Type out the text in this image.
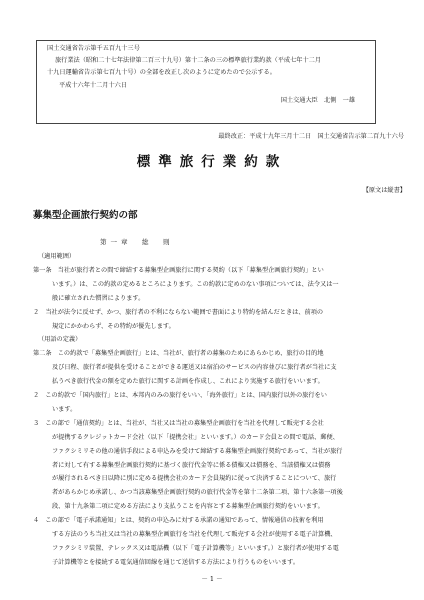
国土交通省告示第千五百九十三号
旅行業法（昭和二十七年法律第二百三十九号）第十二条の三の標準旅行業約款（平成七年十二月
十九日運輸省告示第七百九十号）の全部を改正し次のように定めたので公示する。
平成十六年十二月十六日
国土交通大臣　北側　一雄
最終改正：平成十九年三月十二日　国土交通省告示第二百九十六号
標準旅行業約款
【原文は縦書】
募集型企画旅行契約の部
第一章　総　則
（適用範囲）
第一条　当社が旅行者との間で締結する募集型企画旅行に関する契約（以下「募集型企画旅行契約」とい
います。）は、この約款の定めるところによります。この約款に定めのない事項については、法令又は一
般に確立された慣習によります。
２　当社が法令に反せず、かつ、旅行者の不利にならない範囲で書面により特約を結んだときは、前項の
規定にかかわらず、その特約が優先します。
（用語の定義）
第二条　この約款で「募集型企画旅行」とは、当社が、旅行者の募集のためにあらかじめ、旅行の目的地
及び日程、旅行者が提供を受けることができる運送又は宿泊のサービスの内容並びに旅行者が当社に支
払うべき旅行代金の額を定めた旅行に関する計画を作成し、これにより実施する旅行をいいます。
２　この約款で「国内旅行」とは、本邦内のみの旅行をいい、「海外旅行」とは、国内旅行以外の旅行をい
います。
３　この部で「通信契約」とは、当社が、当社又は当社の募集型企画旅行を当社を代理して販売する会社
が提携するクレジットカード会社（以下「提携会社」といいます。）のカード会員との間で電話、郵便、
ファクシミリその他の通信手段による申込みを受けて締結する募集型企画旅行契約であって、当社が旅行
者に対して有する募集型企画旅行契約に基づく旅行代金等に係る債権又は債務を、当該債権又は債務
が履行されるべき日以降に別に定める提携会社のカード会員規約に従って決済することについて、旅行
者があらかじめ承諾し、かつ当該募集型企画旅行契約の旅行代金等を第十二条第二項、第十六条第一項後
段、第十九条第二項に定める方法により支払うことを内容とする募集型企画旅行契約をいいます。
４　この部で「電子承諾通知」とは、契約の申込みに対する承諾の通知であって、情報通信の技術を利用
する方法のうち当社又は当社の募集型企画旅行を当社を代理して販売する会社が使用する電子計算機、
ファクシミリ装置、テレックス又は電話機（以下「電子計算機等」といいます。）と旅行者が使用する電
子計算機等とを接続する電気通信回線を通じて送信する方法により行うものをいいます。
－ 1 －
